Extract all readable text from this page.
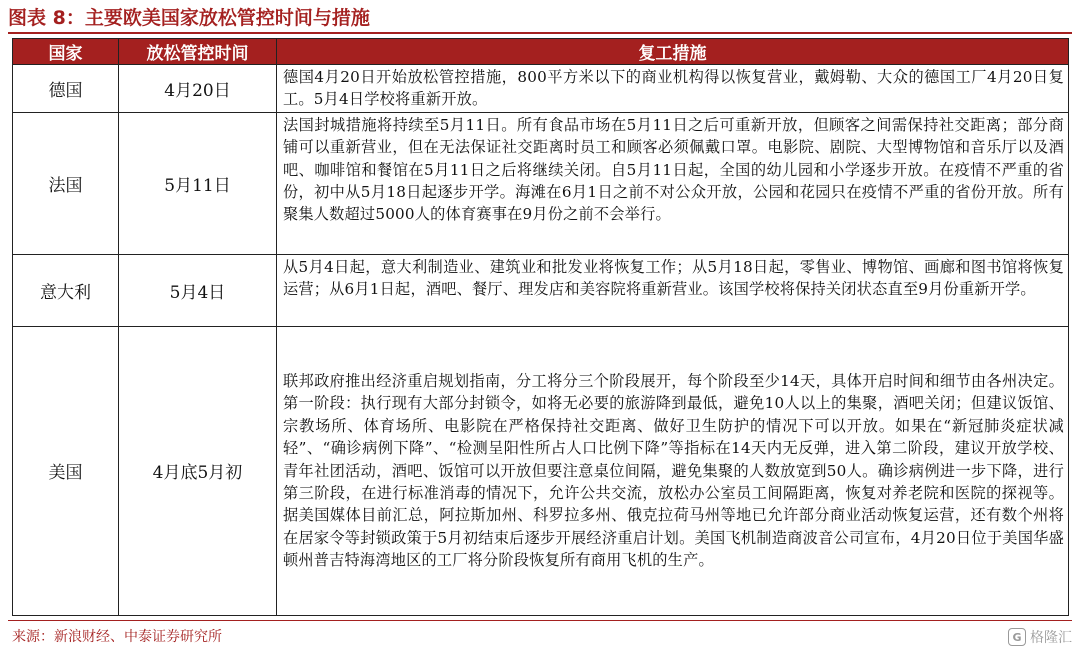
图表 8：主要欧美国家放松管控时间与措施
国家	放松管控时间	复工措施
德国	4月20日	德国4月20日开始放松管控措施，800平方米以下的商业机构得以恢复营业，戴姆勒、大众的德国工厂4月20日复工。5月4日学校将重新开放。
法国	5月11日	法国封城措施将持续至5月11日。所有食品市场在5月11日之后可重新开放，但顾客之间需保持社交距离；部分商铺可以重新营业，但在无法保证社交距离时员工和顾客必须佩戴口罩。电影院、剧院、大型博物馆和音乐厅以及酒吧、咖啡馆和餐馆在5月11日之后将继续关闭。自5月11日起，全国的幼儿园和小学逐步开放。在疫情不严重的省份，初中从5月18日起逐步开学。海滩在6月1日之前不对公众开放，公园和花园只在疫情不严重的省份开放。所有聚集人数超过5000人的体育赛事在9月份之前不会举行。
意大利	5月4日	从5月4日起，意大利制造业、建筑业和批发业将恢复工作；从5月18日起，零售业、博物馆、画廊和图书馆将恢复运营；从6月1日起，酒吧、餐厅、理发店和美容院将重新营业。该国学校将保持关闭状态直至9月份重新开学。
美国	4月底5月初	联邦政府推出经济重启规划指南，分工将分三个阶段展开，每个阶段至少14天，具体开启时间和细节由各州决定。第一阶段：执行现有大部分封锁令，如将无必要的旅游降到最低，避免10人以上的集聚，酒吧关闭；但建议饭馆、宗教场所、体育场所、电影院在严格保持社交距离、做好卫生防护的情况下可以开放。如果在“新冠肺炎症状减轻”、“确诊病例下降”、“检测呈阳性所占人口比例下降”等指标在14天内无反弹，进入第二阶段，建议开放学校、青年社团活动，酒吧、饭馆可以开放但要注意桌位间隔，避免集聚的人数放宽到50人。确诊病例进一步下降，进行第三阶段，在进行标准消毒的情况下，允许公共交流，放松办公室员工间隔距离，恢复对养老院和医院的探视等。据美国媒体目前汇总，阿拉斯加州、科罗拉多州、俄克拉荷马州等地已允许部分商业活动恢复运营，还有数个州将在居家令等封锁政策于5月初结束后逐步开展经济重启计划。美国飞机制造商波音公司宣布，4月20日位于美国华盛顿州普吉特海湾地区的工厂将分阶段恢复所有商用飞机的生产。
来源：新浪财经、中泰证券研究所	G 格隆汇
